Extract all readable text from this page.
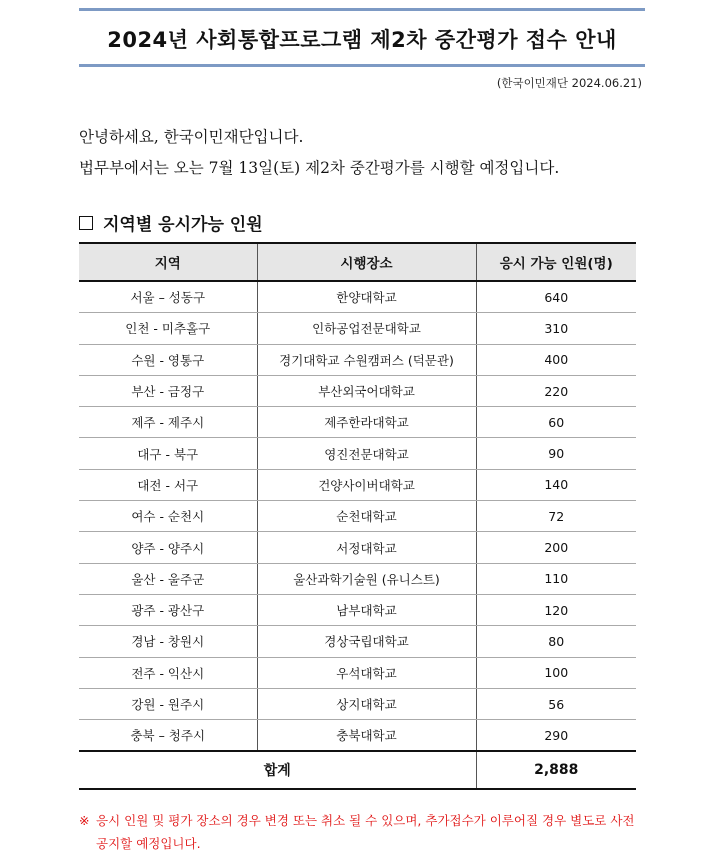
2024년 사회통합프로그램 제2차 중간평가 접수 안내
(한국이민재단 2024.06.21)
안녕하세요, 한국이민재단입니다.
법무부에서는 오는 7월 13일(토) 제2차 중간평가를 시행할 예정입니다.
지역별 응시가능 인원
지역	시행장소	응시 가능 인원(명)
서울 – 성동구	한양대학교	640
인천 - 미추홀구	인하공업전문대학교	310
수원 - 영통구	경기대학교 수원캠퍼스 (덕문관)	400
부산 - 금정구	부산외국어대학교	220
제주 - 제주시	제주한라대학교	60
대구 - 북구	영진전문대학교	90
대전 - 서구	건양사이버대학교	140
여수 - 순천시	순천대학교	72
양주 - 양주시	서정대학교	200
울산 - 울주군	울산과학기술원 (유니스트)	110
광주 - 광산구	남부대학교	120
경남 - 창원시	경상국립대학교	80
전주 - 익산시	우석대학교	100
강원 - 원주시	상지대학교	56
충북 – 청주시	충북대학교	290
합계		2,888
※ 응시 인원 및 평가 장소의 경우 변경 또는 취소 될 수 있으며, 추가접수가 이루어질 경우 별도로 사전 공지할 예정입니다.
